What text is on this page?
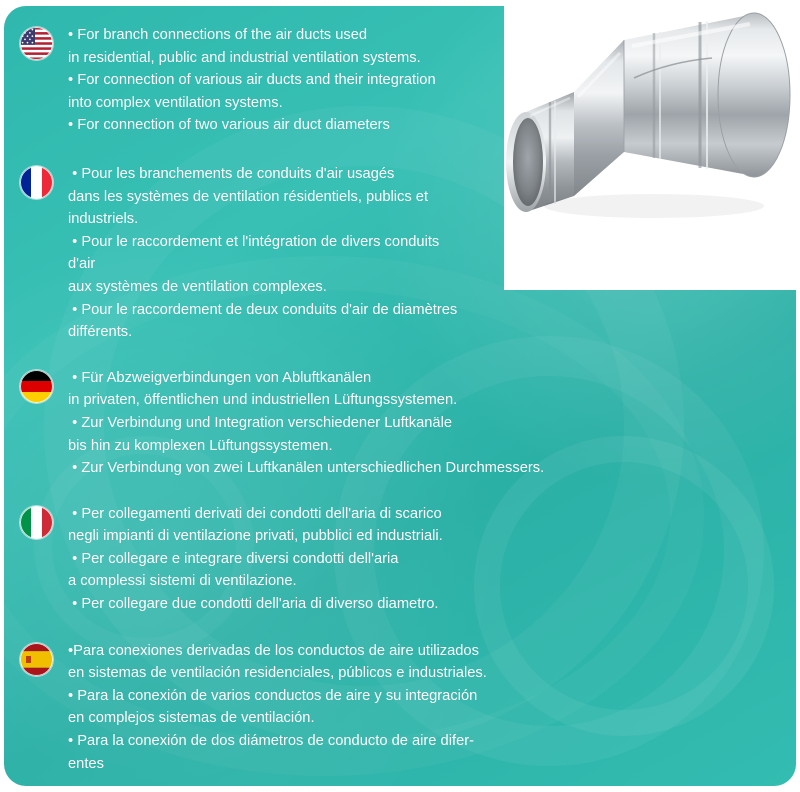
• For branch connections of the air ducts used
in residential, public and industrial ventilation systems.
• For connection of various air ducts and their integration
into complex ventilation systems.
• For connection of two various air duct diameters
• Pour les branchements de conduits d'air usagés
dans les systèmes de ventilation résidentiels, publics et
industriels.
• Pour le raccordement et l'intégration de divers conduits
d'air
aux systèmes de ventilation complexes.
• Pour le raccordement de deux conduits d'air de diamètres
différents.
• Für Abzweigverbindungen von Abluftkanälen
in privaten, öffentlichen und industriellen Lüftungssystemen.
• Zur Verbindung und Integration verschiedener Luftkanäle
bis hin zu komplexen Lüftungssystemen.
• Zur Verbindung von zwei Luftkanälen unterschiedlichen Durchmessers.
• Per collegamenti derivati dei condotti dell'aria di scarico
negli impianti di ventilazione privati, pubblici ed industriali.
• Per collegare e integrare diversi condotti dell'aria
a complessi sistemi di ventilazione.
• Per collegare due condotti dell'aria di diverso diametro.
•Para conexiones derivadas de los conductos de aire utilizados
en sistemas de ventilación residenciales, públicos e industriales.
• Para la conexión de varios conductos de aire y su integración
en complejos sistemas de ventilación.
• Para la conexión de dos diámetros de conducto de aire difer-
entes
